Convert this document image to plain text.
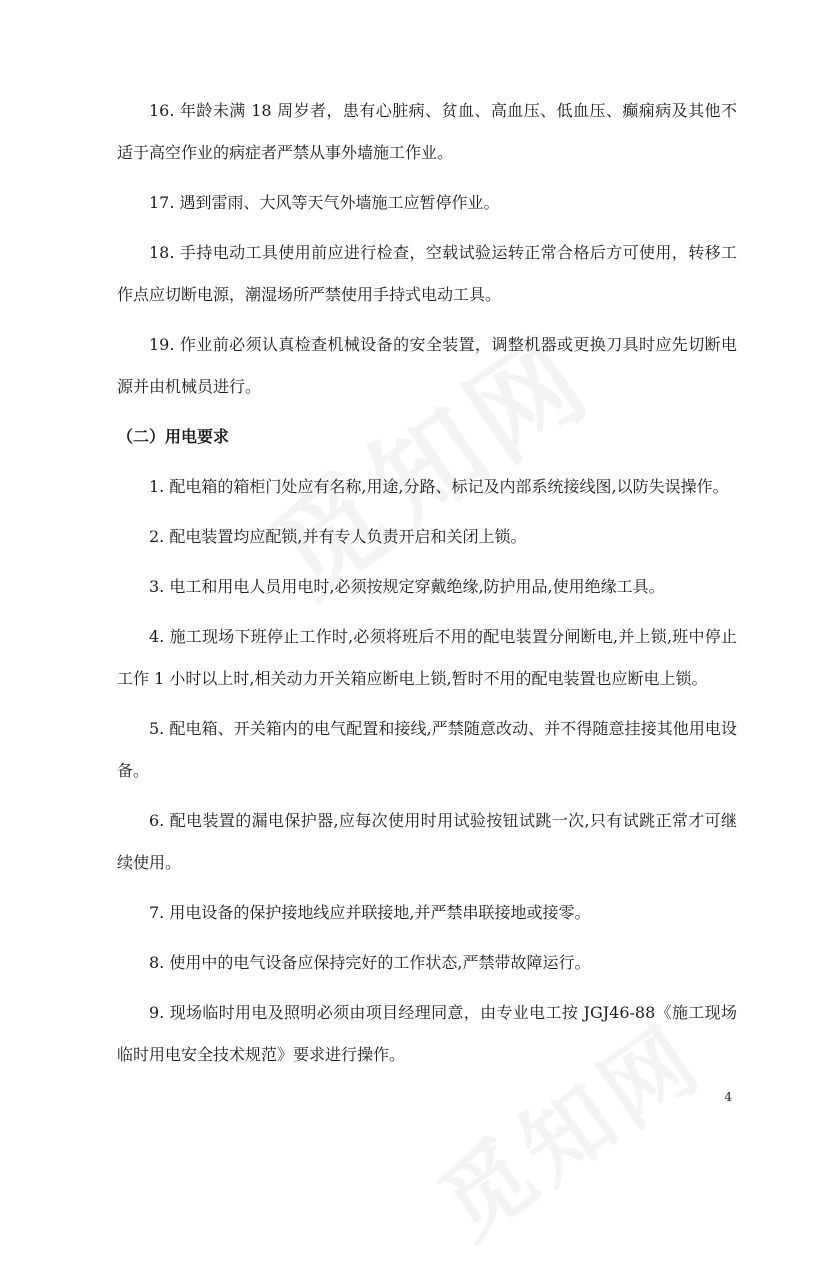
16. 年龄未满 18 周岁者，患有心脏病、贫血、高血压、低血压、癫痫病及其他不适于高空作业的病症者严禁从事外墙施工作业。

17. 遇到雷雨、大风等天气外墙施工应暂停作业。

18. 手持电动工具使用前应进行检查，空载试验运转正常合格后方可使用，转移工作点应切断电源，潮湿场所严禁使用手持式电动工具。

19. 作业前必须认真检查机械设备的安全装置，调整机器或更换刀具时应先切断电源并由机械员进行。

（二）用电要求

1. 配电箱的箱柜门处应有名称,用途,分路、标记及内部系统接线图,以防失误操作。

2. 配电装置均应配锁,并有专人负责开启和关闭上锁。

3. 电工和用电人员用电时,必须按规定穿戴绝缘,防护用品,使用绝缘工具。

4. 施工现场下班停止工作时,必须将班后不用的配电装置分闸断电,并上锁,班中停止工作 1 小时以上时,相关动力开关箱应断电上锁,暂时不用的配电装置也应断电上锁。

5. 配电箱、开关箱内的电气配置和接线,严禁随意改动、并不得随意挂接其他用电设备。

6. 配电装置的漏电保护器,应每次使用时用试验按钮试跳一次,只有试跳正常才可继续使用。

7. 用电设备的保护接地线应并联接地,并严禁串联接地或接零。

8. 使用中的电气设备应保持完好的工作状态,严禁带故障运行。

9. 现场临时用电及照明必须由项目经理同意，由专业电工按 JGJ46-88《施工现场临时用电安全技术规范》要求进行操作。

4
